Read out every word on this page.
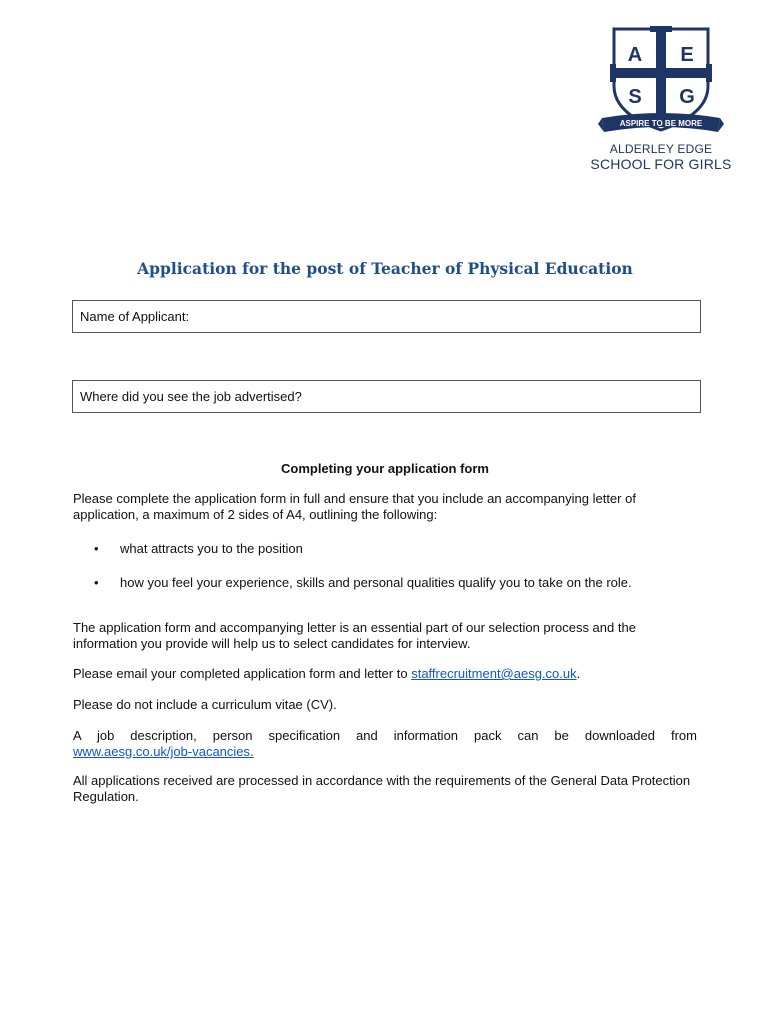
A E
S G
ASPIRE TO BE MORE
ALDERLEY EDGE
SCHOOL FOR GIRLS
Application for the post of Teacher of Physical Education
Name of Applicant:
Where did you see the job advertised?
Completing your application form
Please complete the application form in full and ensure that you include an accompanying letter of application, a maximum of 2 sides of A4, outlining the following:
• what attracts you to the position
• how you feel your experience, skills and personal qualities qualify you to take on the role.
The application form and accompanying letter is an essential part of our selection process and the information you provide will help us to select candidates for interview.
Please email your completed application form and letter to staffrecruitment@aesg.co.uk.
Please do not include a curriculum vitae (CV).
A job description, person specification and information pack can be downloaded from
www.aesg.co.uk/job-vacancies.
All applications received are processed in accordance with the requirements of the General Data Protection Regulation.
